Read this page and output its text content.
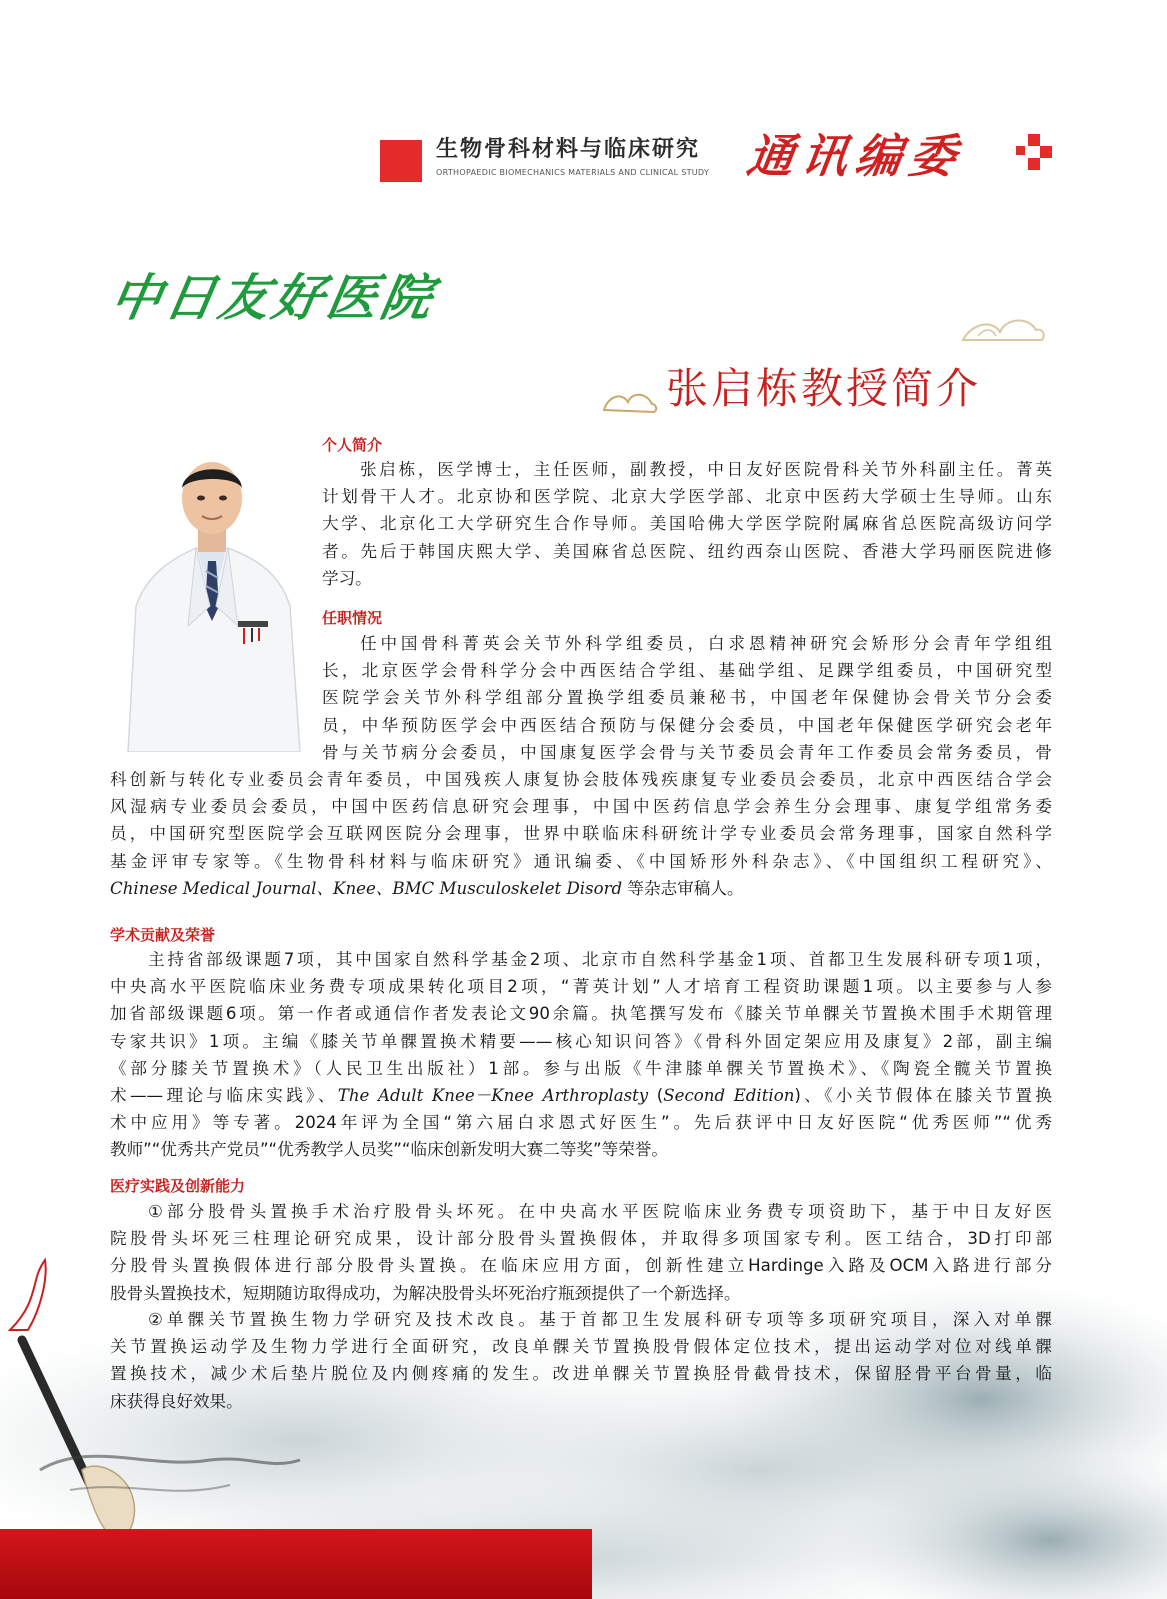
生物骨科材料与临床研究
ORTHOPAEDIC BIOMECHANICS MATERIALS AND CLINICAL STUDY 通讯编委
中日友好医院
张启栋教授简介
个人简介
张启栋，医学博士，主任医师，副教授，中日友好医院骨科关节外科副主任。菁英
计划骨干人才。北京协和医学院、北京大学医学部、北京中医药大学硕士生导师。山东
大学、北京化工大学研究生合作导师。美国哈佛大学医学院附属麻省总医院高级访问学
者。先后于韩国庆熙大学、美国麻省总医院、纽约西奈山医院、香港大学玛丽医院进修
学习。
任职情况
任中国骨科菁英会关节外科学组委员，白求恩精神研究会矫形分会青年学组组
长，北京医学会骨科学分会中西医结合学组、基础学组、足踝学组委员，中国研究型
医院学会关节外科学组部分置换学组委员兼秘书，中国老年保健协会骨关节分会委
员，中华预防医学会中西医结合预防与保健分会委员，中国老年保健医学研究会老年
骨与关节病分会委员，中国康复医学会骨与关节委员会青年工作委员会常务委员，骨
科创新与转化专业委员会青年委员，中国残疾人康复协会肢体残疾康复专业委员会委员，北京中西医结合学会
风湿病专业委员会委员，中国中医药信息研究会理事，中国中医药信息学会养生分会理事、康复学组常务委
员，中国研究型医院学会互联网医院分会理事，世界中联临床科研统计学专业委员会常务理事，国家自然科学
基金评审专家等。《生物骨科材料与临床研究》通讯编委、《中国矫形外科杂志》、《中国组织工程研究》、
Chinese Medical Journal、Knee、BMC Musculoskelet Disord 等杂志审稿人。
学术贡献及荣誉
主持省部级课题7项，其中国家自然科学基金2项、北京市自然科学基金1项、首都卫生发展科研专项1项，
中央高水平医院临床业务费专项成果转化项目2项，“菁英计划”人才培育工程资助课题1项。以主要参与人参
加省部级课题6项。第一作者或通信作者发表论文90余篇。执笔撰写发布《膝关节单髁关节置换术围手术期管理
专家共识》1项。主编《膝关节单髁置换术精要——核心知识问答》《骨科外固定架应用及康复》2部，副主编
《部分膝关节置换术》（人民卫生出版社）1部。参与出版《牛津膝单髁关节置换术》、《陶瓷全髋关节置换
术——理论与临床实践》、The Adult Knee－Knee Arthroplasty (Second Edition)、《小关节假体在膝关节置换
术中应用》等专著。2024年评为全国“第六届白求恩式好医生”。先后获评中日友好医院“优秀医师”“优秀
教师”“优秀共产党员”“优秀教学人员奖”“临床创新发明大赛二等奖”等荣誉。
医疗实践及创新能力
①部分股骨头置换手术治疗股骨头坏死。在中央高水平医院临床业务费专项资助下，基于中日友好医
院股骨头坏死三柱理论研究成果，设计部分股骨头置换假体，并取得多项国家专利。医工结合，3D打印部
分股骨头置换假体进行部分股骨头置换。在临床应用方面，创新性建立Hardinge入路及OCM入路进行部分
股骨头置换技术，短期随访取得成功，为解决股骨头坏死治疗瓶颈提供了一个新选择。
②单髁关节置换生物力学研究及技术改良。基于首都卫生发展科研专项等多项研究项目，深入对单髁
关节置换运动学及生物力学进行全面研究，改良单髁关节置换股骨假体定位技术，提出运动学对位对线单髁
置换技术，减少术后垫片脱位及内侧疼痛的发生。改进单髁关节置换胫骨截骨技术，保留胫骨平台骨量，临
床获得良好效果。
